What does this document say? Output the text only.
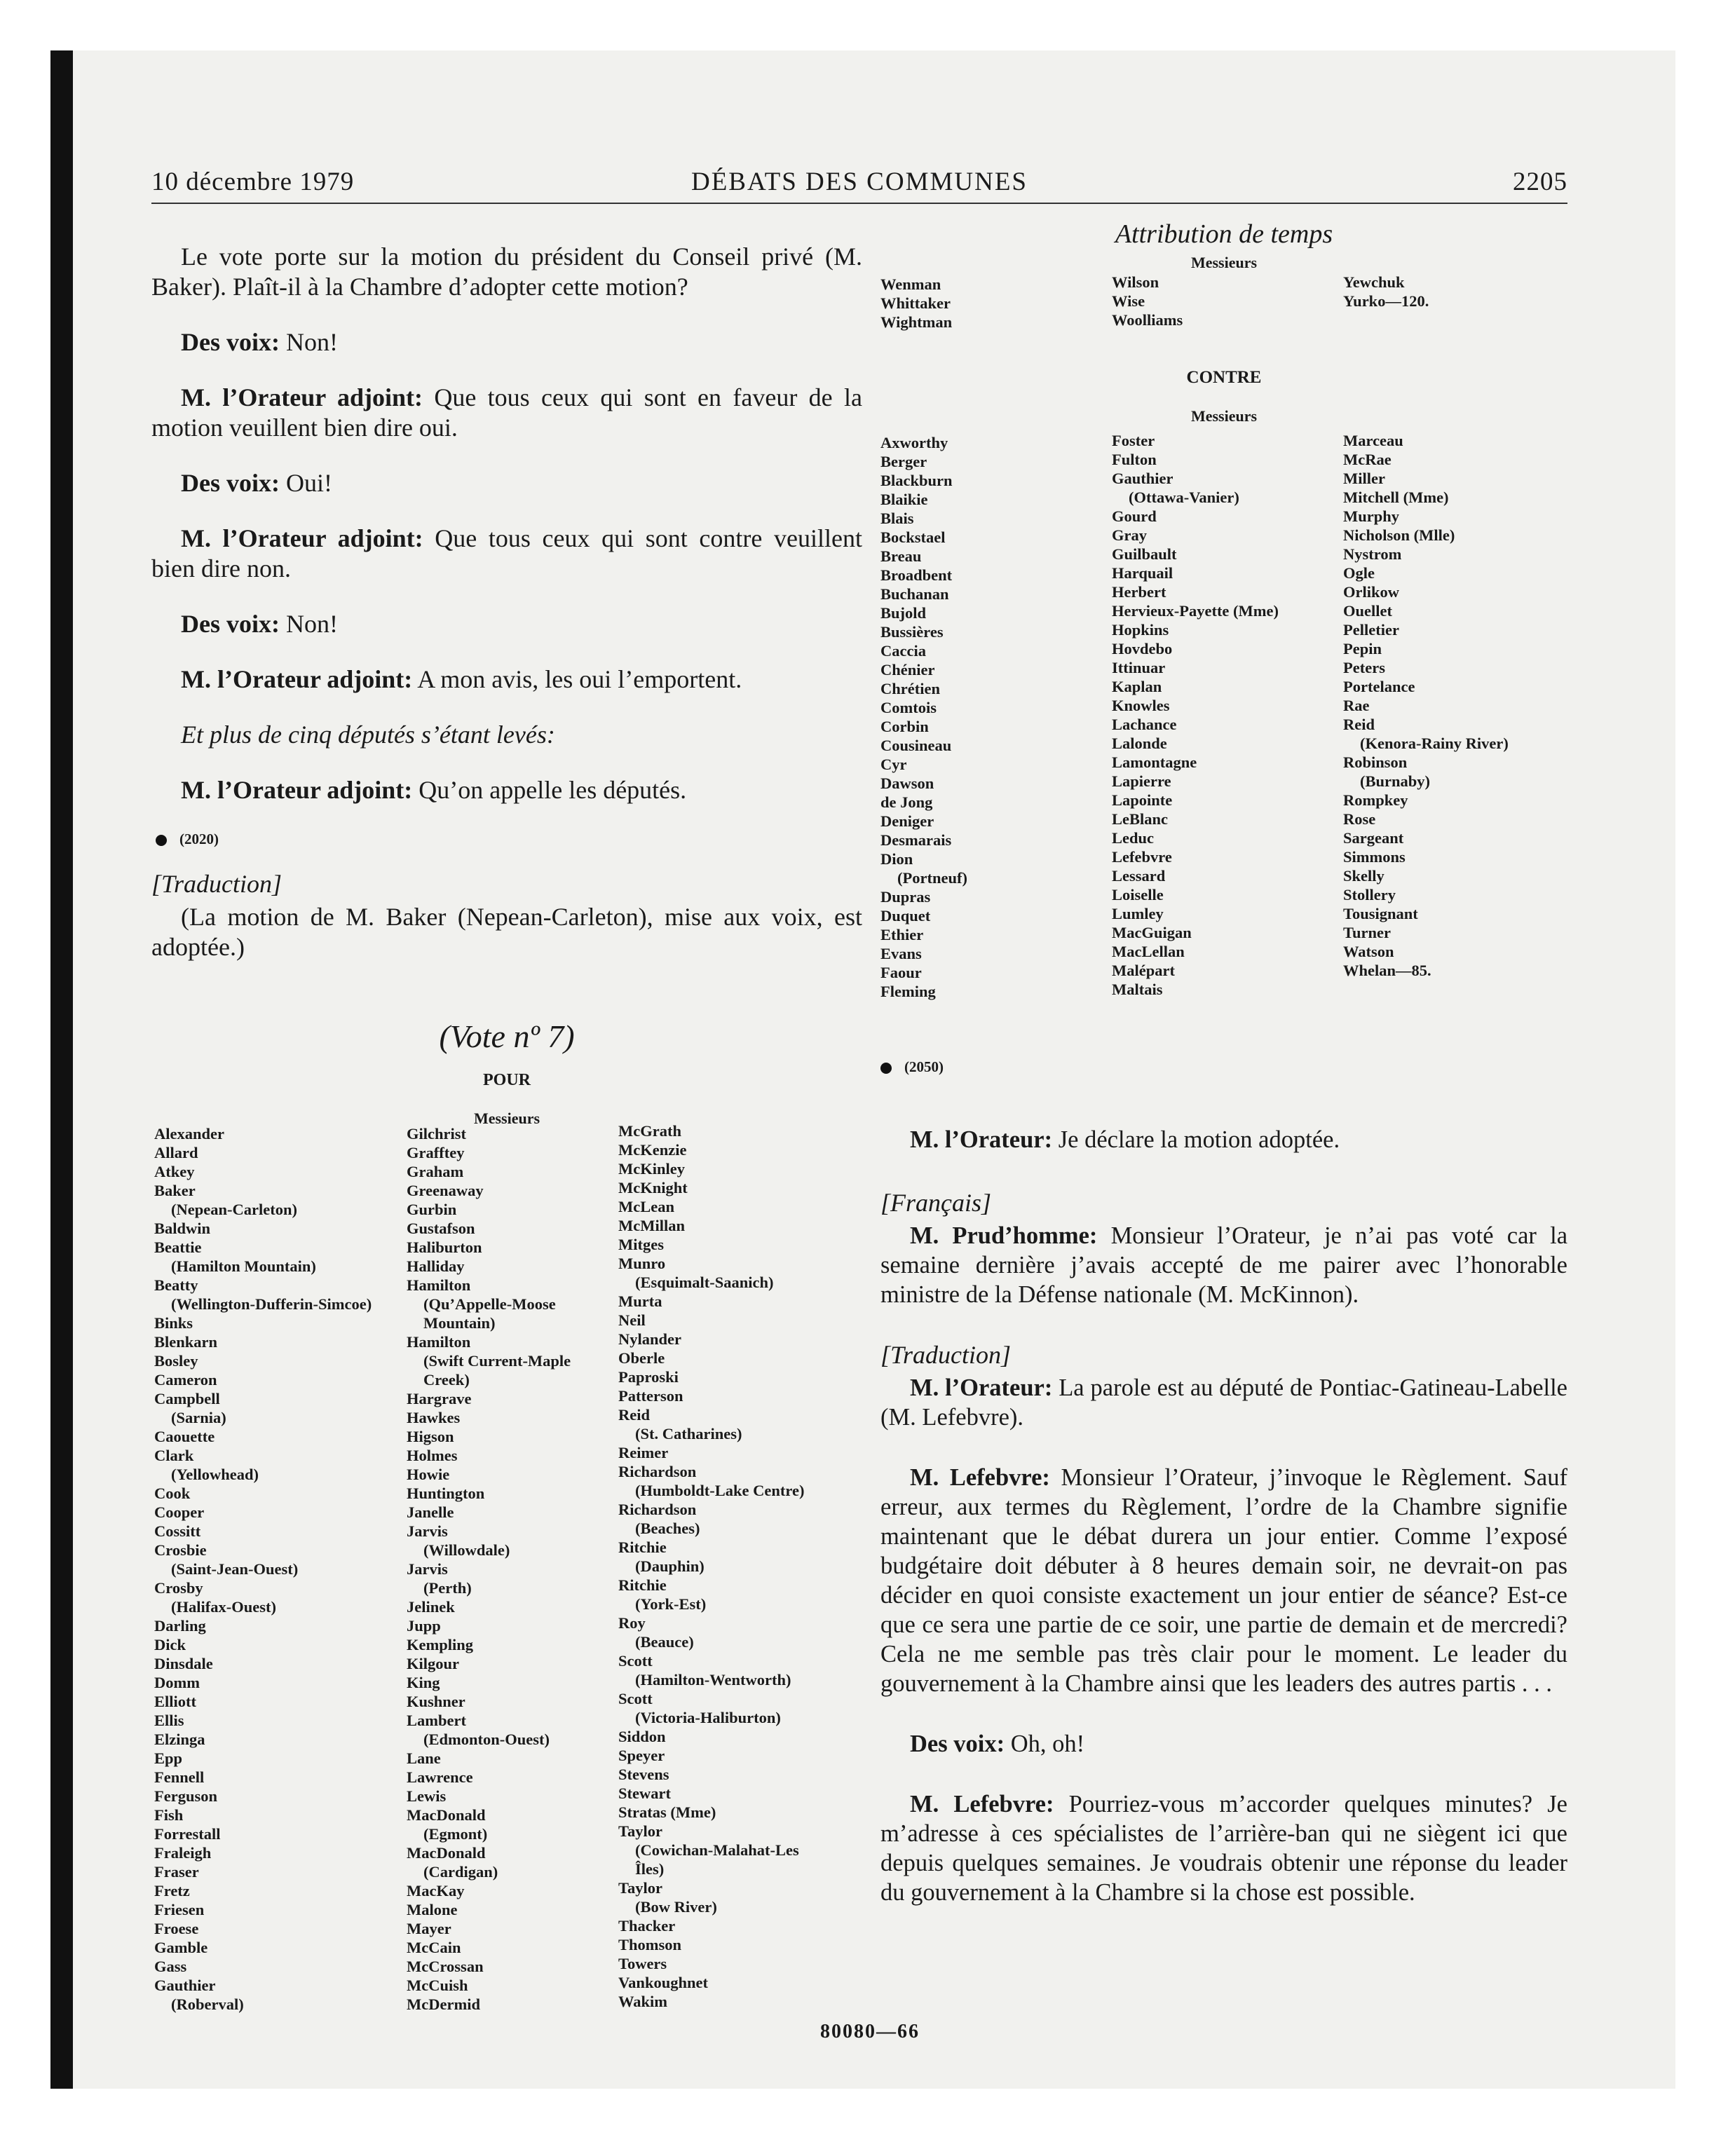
10 décembre 1979	DÉBATS DES COMMUNES	2205

Le vote porte sur la motion du président du Conseil privé (M. Baker). Plaît-il à la Chambre d’adopter cette motion?

Des voix: Non!

M. l’Orateur adjoint: Que tous ceux qui sont en faveur de la motion veuillent bien dire oui.

Des voix: Oui!

M. l’Orateur adjoint: Que tous ceux qui sont contre veuillent bien dire non.

Des voix: Non!

M. l’Orateur adjoint: A mon avis, les oui l’emportent.

Et plus de cinq députés s’étant levés:

M. l’Orateur adjoint: Qu’on appelle les députés.

(2020)

[Traduction]

(La motion de M. Baker (Nepean-Carleton), mise aux voix, est adoptée.)

(Vote nº 7)
POUR
Messieurs
Alexander
Allard
Atkey
Baker
(Nepean-Carleton)
Baldwin
Beattie
(Hamilton Mountain)
Beatty
(Wellington-Dufferin-Simcoe)
Binks
Blenkarn
Bosley
Cameron
Campbell
(Sarnia)
Caouette
Clark
(Yellowhead)
Cook
Cooper
Cossitt
Crosbie
(Saint-Jean-Ouest)
Crosby
(Halifax-Ouest)
Darling
Dick
Dinsdale
Domm
Elliott
Ellis
Elzinga
Epp
Fennell
Ferguson
Fish
Forrestall
Fraleigh
Fraser
Fretz
Friesen
Froese
Gamble
Gass
Gauthier
(Roberval)
Gilchrist
Grafftey
Graham
Greenaway
Gurbin
Gustafson
Haliburton
Halliday
Hamilton
(Qu’Appelle-Moose
Mountain)
Hamilton
(Swift Current-Maple
Creek)
Hargrave
Hawkes
Higson
Holmes
Howie
Huntington
Janelle
Jarvis
(Willowdale)
Jarvis
(Perth)
Jelinek
Jupp
Kempling
Kilgour
King
Kushner
Lambert
(Edmonton-Ouest)
Lane
Lawrence
Lewis
MacDonald
(Egmont)
MacDonald
(Cardigan)
MacKay
Malone
Mayer
McCain
McCrossan
McCuish
McDermid
McGrath
McKenzie
McKinley
McKnight
McLean
McMillan
Mitges
Munro
(Esquimalt-Saanich)
Murta
Neil
Nylander
Oberle
Paproski
Patterson
Reid
(St. Catharines)
Reimer
Richardson
(Humboldt-Lake Centre)
Richardson
(Beaches)
Ritchie
(Dauphin)
Ritchie
(York-Est)
Roy
(Beauce)
Scott
(Hamilton-Wentworth)
Scott
(Victoria-Haliburton)
Siddon
Speyer
Stevens
Stewart
Stratas (Mme)
Taylor
(Cowichan-Malahat-Les
Îles)
Taylor
(Bow River)
Thacker
Thomson
Towers
Vankoughnet
Wakim
Attribution de temps
Messieurs
Wenman
Whittaker
Wightman
Wilson
Wise
Woolliams
Yewchuk
Yurko—120.
CONTRE
Messieurs
Axworthy
Berger
Blackburn
Blaikie
Blais
Bockstael
Breau
Broadbent
Buchanan
Bujold
Bussières
Caccia
Chénier
Chrétien
Comtois
Corbin
Cousineau
Cyr
Dawson
de Jong
Deniger
Desmarais
Dion
(Portneuf)
Dupras
Duquet
Ethier
Evans
Faour
Fleming
Foster
Fulton
Gauthier
(Ottawa-Vanier)
Gourd
Gray
Guilbault
Harquail
Herbert
Hervieux-Payette (Mme)
Hopkins
Hovdebo
Ittinuar
Kaplan
Knowles
Lachance
Lalonde
Lamontagne
Lapierre
Lapointe
LeBlanc
Leduc
Lefebvre
Lessard
Loiselle
Lumley
MacGuigan
MacLellan
Malépart
Maltais
Marceau
McRae
Miller
Mitchell (Mme)
Murphy
Nicholson (Mlle)
Nystrom
Ogle
Orlikow
Ouellet
Pelletier
Pepin
Peters
Portelance
Rae
Reid
(Kenora-Rainy River)
Robinson
(Burnaby)
Rompkey
Rose
Sargeant
Simmons
Skelly
Stollery
Tousignant
Turner
Watson
Whelan—85.
(2050)

M. l’Orateur: Je déclare la motion adoptée.

[Français]

M. Prud’homme: Monsieur l’Orateur, je n’ai pas voté car la semaine dernière j’avais accepté de me pairer avec l’honorable ministre de la Défense nationale (M. McKinnon).

[Traduction]

M. l’Orateur: La parole est au député de Pontiac-Gatineau-Labelle (M. Lefebvre).

M. Lefebvre: Monsieur l’Orateur, j’invoque le Règlement. Sauf erreur, aux termes du Règlement, l’ordre de la Chambre signifie maintenant que le débat durera un jour entier. Comme l’exposé budgétaire doit débuter à 8 heures demain soir, ne devrait-on pas décider en quoi consiste exactement un jour entier de séance? Est-ce que ce sera une partie de ce soir, une partie de demain et de mercredi? Cela ne me semble pas très clair pour le moment. Le leader du gouvernement à la Chambre ainsi que les leaders des autres partis . . .

Des voix: Oh, oh!

M. Lefebvre: Pourriez-vous m’accorder quelques minutes? Je m’adresse à ces spécialistes de l’arrière-ban qui ne siègent ici que depuis quelques semaines. Je voudrais obtenir une réponse du leader du gouvernement à la Chambre si la chose est possible.

80080—66
